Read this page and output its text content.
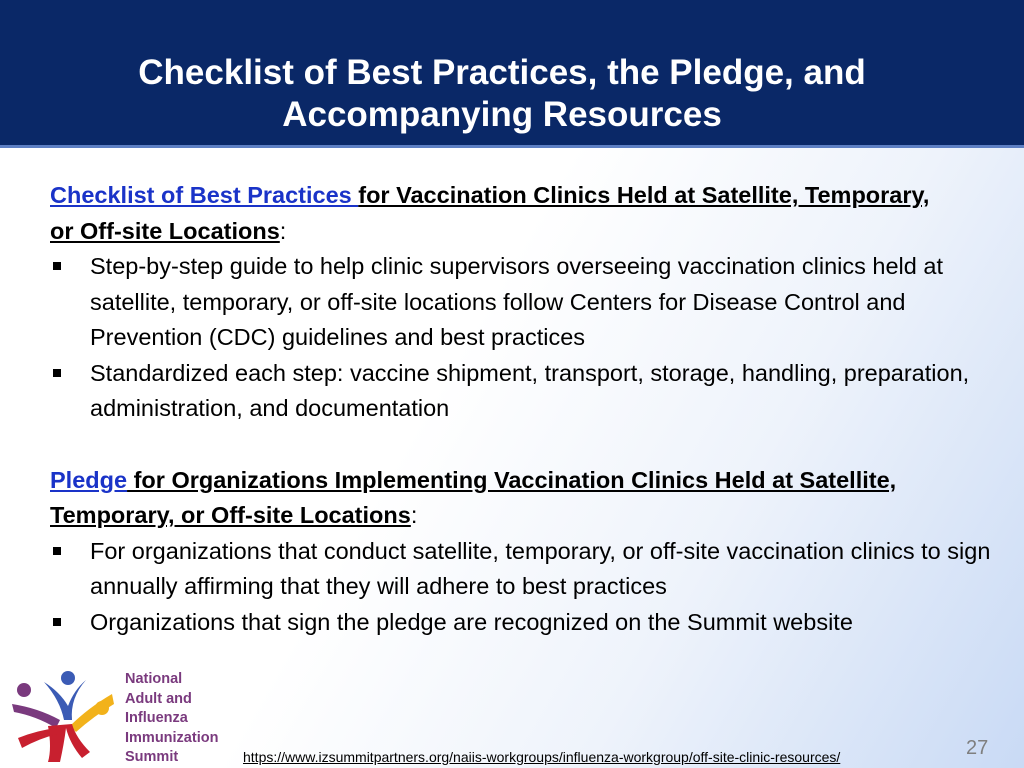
Checklist of Best Practices, the Pledge, and
Accompanying Resources

Checklist of Best Practices for Vaccination Clinics Held at Satellite, Temporary,
or Off-site Locations:

Step-by-step guide to help clinic supervisors overseeing vaccination clinics held at satellite, temporary, or off-site locations follow Centers for Disease Control and Prevention (CDC) guidelines and best practices
Standardized each step: vaccine shipment, transport, storage, handling, preparation, administration, and documentation

Pledge for Organizations Implementing Vaccination Clinics Held at Satellite,
Temporary, or Off-site Locations:

For organizations that conduct satellite, temporary, or off-site vaccination clinics to sign annually affirming that they will adhere to best practices
Organizations that sign the pledge are recognized on the Summit website
National
Adult and
Influenza
Immunization
Summit	https://www.izsummitpartners.org/naiis-workgroups/influenza-workgroup/off-site-clinic-resources/	27
